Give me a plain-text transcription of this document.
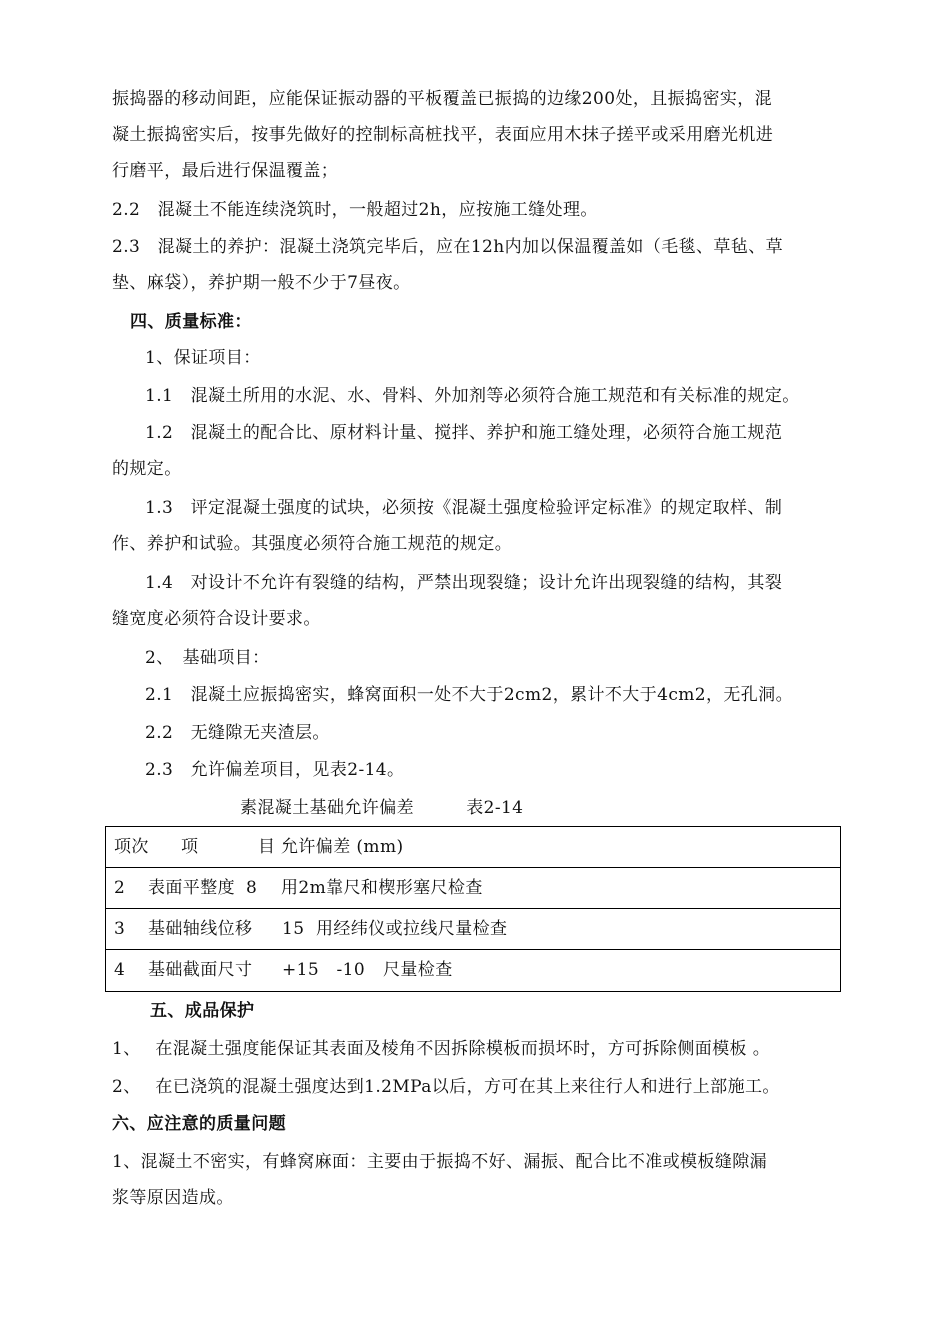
振捣器的移动间距，应能保证振动器的平板覆盖已振捣的边缘200处，且振捣密实，混
凝土振捣密实后，按事先做好的控制标高桩找平，表面应用木抹子搓平或采用磨光机进
行磨平，最后进行保温覆盖；
2.2　混凝土不能连续浇筑时，一般超过2h，应按施工缝处理。
2.3　混凝土的养护：混凝土浇筑完毕后，应在12h内加以保温覆盖如（毛毯、草毡、草
垫、麻袋），养护期一般不少于7昼夜。
四、质量标准：
1、保证项目：
1.1　混凝土所用的水泥、水、骨料、外加剂等必须符合施工规范和有关标准的规定。
1.2　混凝土的配合比、原材料计量、搅拌、养护和施工缝处理，必须符合施工规范
的规定。
1.3　评定混凝土强度的试块，必须按《混凝土强度检验评定标准》的规定取样、制
作、养护和试验。其强度必须符合施工规范的规定。
1.4　对设计不允许有裂缝的结构，严禁出现裂缝；设计允许出现裂缝的结构，其裂
缝宽度必须符合设计要求。
2、　基础项目：
2.1　混凝土应振捣密实，蜂窝面积一处不大于2cm2，累计不大于4cm2，无孔洞。
2.2　无缝隙无夹渣层。
2.3　允许偏差项目，见表2-14。
素混凝土基础允许偏差　　　表2-14
项次 项	目 允许偏差 (mm)
2 表面平整度 8 用2m靠尺和楔形塞尺检查
3 基础轴线位移 15 用经纬仪或拉线尺量检查
4 基础截面尺寸 +15　-10 尺量检查
五、成品保护
1、　 在混凝土强度能保证其表面及棱角不因拆除模板而损坏时，方可拆除侧面模板 。
2、　 在已浇筑的混凝土强度达到1.2MPa以后，方可在其上来往行人和进行上部施工。
六、应注意的质量问题
1、混凝土不密实，有蜂窝麻面：主要由于振捣不好、漏振、配合比不准或模板缝隙漏
浆等原因造成。
